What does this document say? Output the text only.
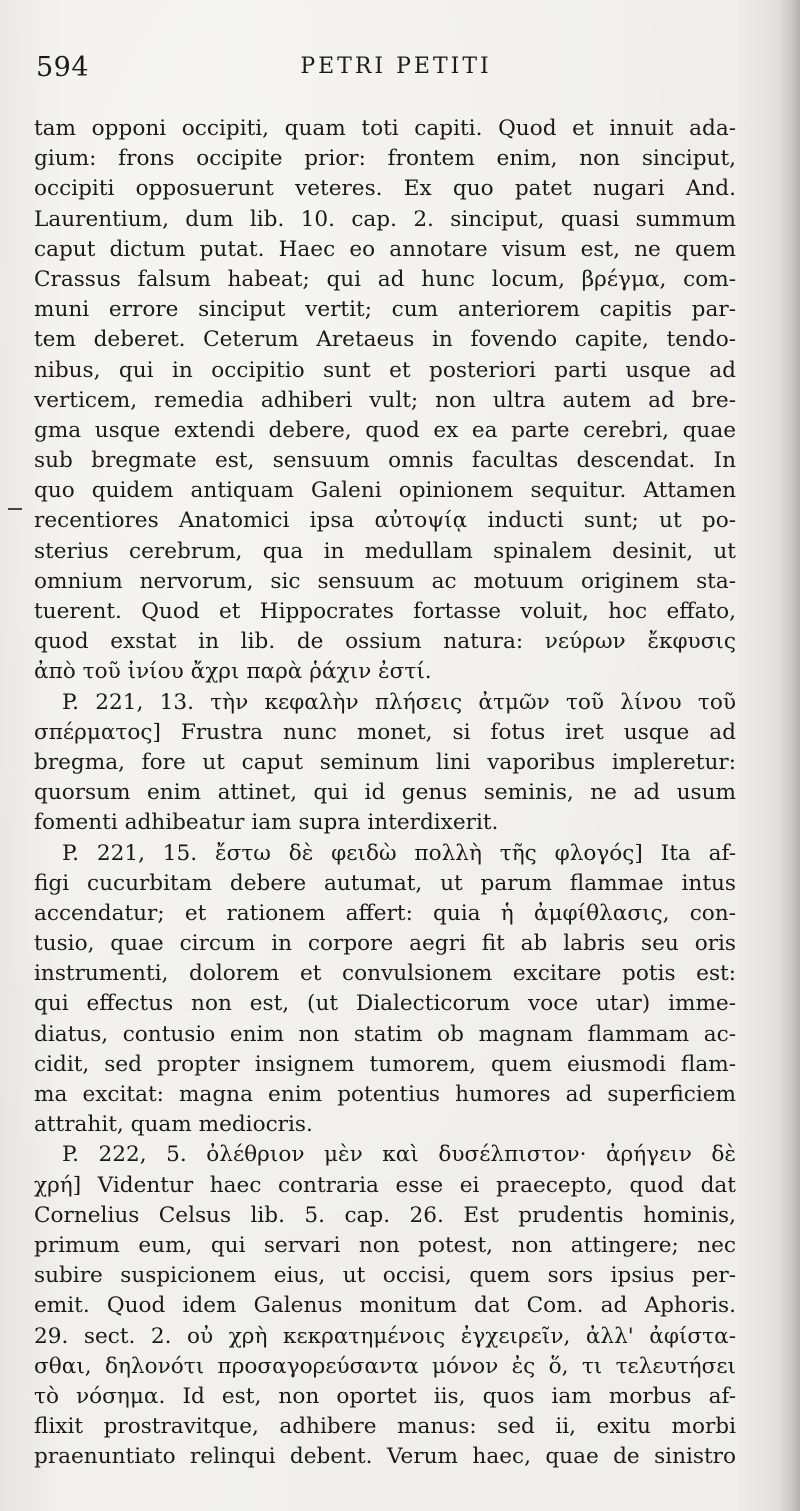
594	PETRI PETITI
tam opponi occipiti, quam toti capiti. Quod et innuit ada-
gium: frons occipite prior: frontem enim, non sinciput,
occipiti opposuerunt veteres. Ex quo patet nugari And.
Laurentium, dum lib. 10. cap. 2. sinciput, quasi summum
caput dictum putat. Haec eo annotare visum est, ne quem
Crassus falsum habeat; qui ad hunc locum, βρέγμα, com-
muni errore sinciput vertit; cum anteriorem capitis par-
tem deberet. Ceterum Aretaeus in fovendo capite, tendo-
nibus, qui in occipitio sunt et posteriori parti usque ad
verticem, remedia adhiberi vult; non ultra autem ad bre-
gma usque extendi debere, quod ex ea parte cerebri, quae
sub bregmate est, sensuum omnis facultas descendat. In
quo quidem antiquam Galeni opinionem sequitur. Attamen
recentiores Anatomici ipsa αὐτοψίᾳ inducti sunt; ut po-
sterius cerebrum, qua in medullam spinalem desinit, ut
omnium nervorum, sic sensuum ac motuum originem sta-
tuerent. Quod et Hippocrates fortasse voluit, hoc effato,
quod exstat in lib. de ossium natura: νεύρων ἔκφυσις
ἀπὸ τοῦ ἰνίου ἄχρι παρὰ ῥάχιν ἐστί.
P. 221, 13. τὴν κεφαλὴν πλήσεις ἀτμῶν τοῦ λίνου τοῦ
σπέρματος] Frustra nunc monet, si fotus iret usque ad
bregma, fore ut caput seminum lini vaporibus impleretur:
quorsum enim attinet, qui id genus seminis, ne ad usum
fomenti adhibeatur iam supra interdixerit.
P. 221, 15. ἔστω δὲ φειδὼ πολλὴ τῆς φλογός] Ita af-
figi cucurbitam debere autumat, ut parum flammae intus
accendatur; et rationem affert: quia ἡ ἀμφίθλασις, con-
tusio, quae circum in corpore aegri fit ab labris seu oris
instrumenti, dolorem et convulsionem excitare potis est:
qui effectus non est, (ut Dialecticorum voce utar) imme-
diatus, contusio enim non statim ob magnam flammam ac-
cidit, sed propter insignem tumorem, quem eiusmodi flam-
ma excitat: magna enim potentius humores ad superficiem
attrahit, quam mediocris.
P. 222, 5. ὀλέθριον μὲν καὶ δυσέλπιστον· ἀρήγειν δὲ
χρή] Videntur haec contraria esse ei praecepto, quod dat
Cornelius Celsus lib. 5. cap. 26. Est prudentis hominis,
primum eum, qui servari non potest, non attingere; nec
subire suspicionem eius, ut occisi, quem sors ipsius per-
emit. Quod idem Galenus monitum dat Com. ad Aphoris.
29. sect. 2. οὐ χρὴ κεκρατημένοις ἐγχειρεῖν, ἀλλ' ἀφίστα-
σθαι, δηλονότι προσαγορεύσαντα μόνον ἐς ὅ, τι τελευτήσει
τὸ νόσημα. Id est, non oportet iis, quos iam morbus af-
flixit prostravitque, adhibere manus: sed ii, exitu morbi
praenuntiato relinqui debent. Verum haec, quae de sinistro
